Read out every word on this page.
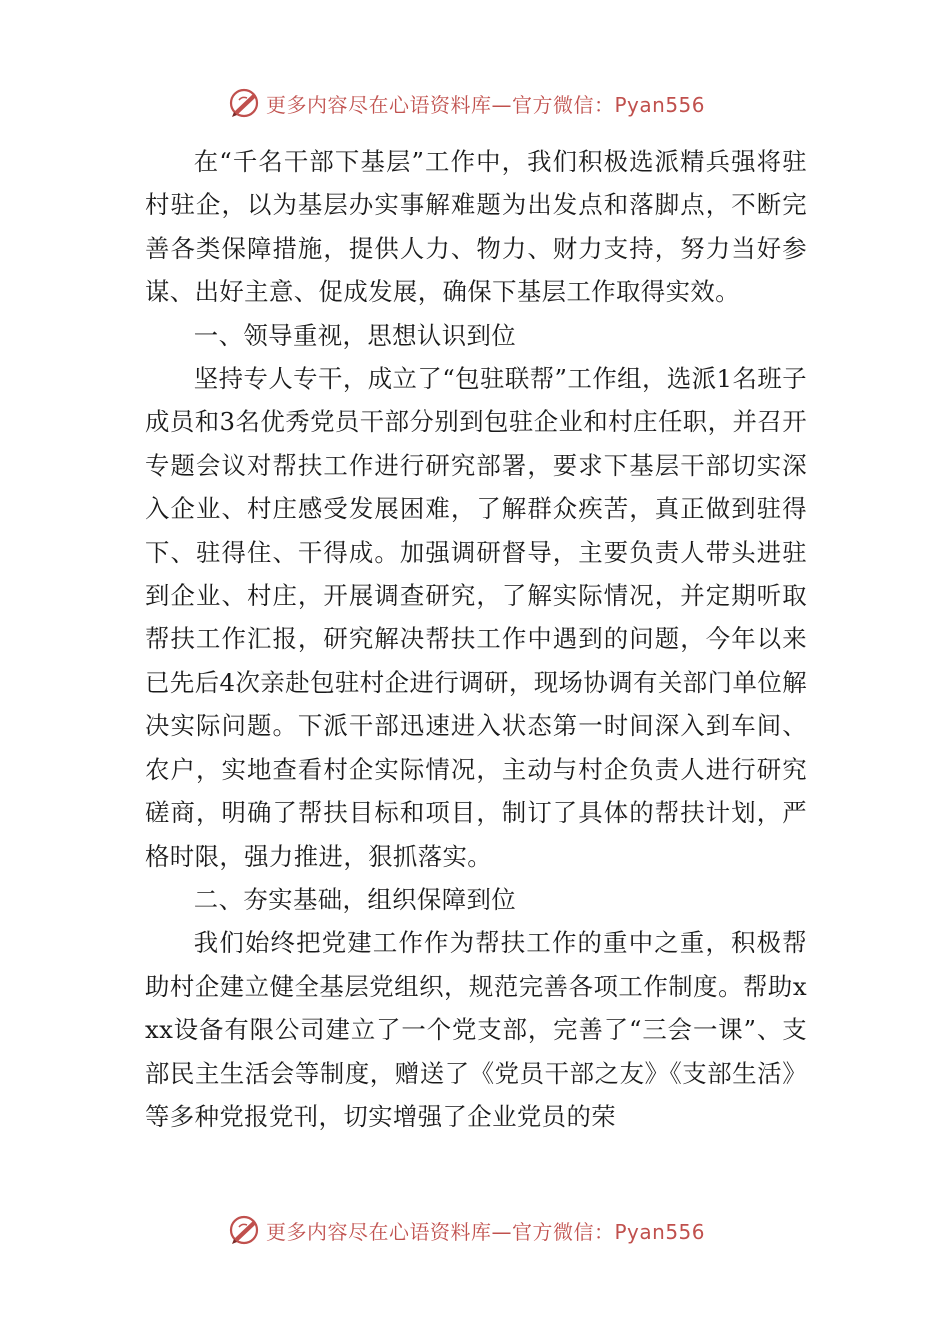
更多内容尽在心语资料库—官方微信：Pyan556

在“千名干部下基层”工作中，我们积极选派精兵强将驻村驻企，以为基层办实事解难题为出发点和落脚点，不断完善各类保障措施，提供人力、物力、财力支持，努力当好参谋、出好主意、促成发展，确保下基层工作取得实效。

一、领导重视，思想认识到位

坚持专人专干，成立了“包驻联帮”工作组，选派1名班子成员和3名优秀党员干部分别到包驻企业和村庄任职，并召开专题会议对帮扶工作进行研究部署，要求下基层干部切实深入企业、村庄感受发展困难，了解群众疾苦，真正做到驻得下、驻得住、干得成。加强调研督导，主要负责人带头进驻到企业、村庄，开展调查研究，了解实际情况，并定期听取帮扶工作汇报，研究解决帮扶工作中遇到的问题，今年以来已先后4次亲赴包驻村企进行调研，现场协调有关部门单位解决实际问题。下派干部迅速进入状态第一时间深入到车间、农户，实地查看村企实际情况，主动与村企负责人进行研究磋商，明确了帮扶目标和项目，制订了具体的帮扶计划，严格时限，强力推进，狠抓落实。

二、夯实基础，组织保障到位

我们始终把党建工作作为帮扶工作的重中之重，积极帮助村企建立健全基层党组织，规范完善各项工作制度。帮助xxx设备有限公司建立了一个党支部，完善了“三会一课”、支部民主生活会等制度，赠送了《党员干部之友》《支部生活》等多种党报党刊，切实增强了企业党员的荣

更多内容尽在心语资料库—官方微信：Pyan556
